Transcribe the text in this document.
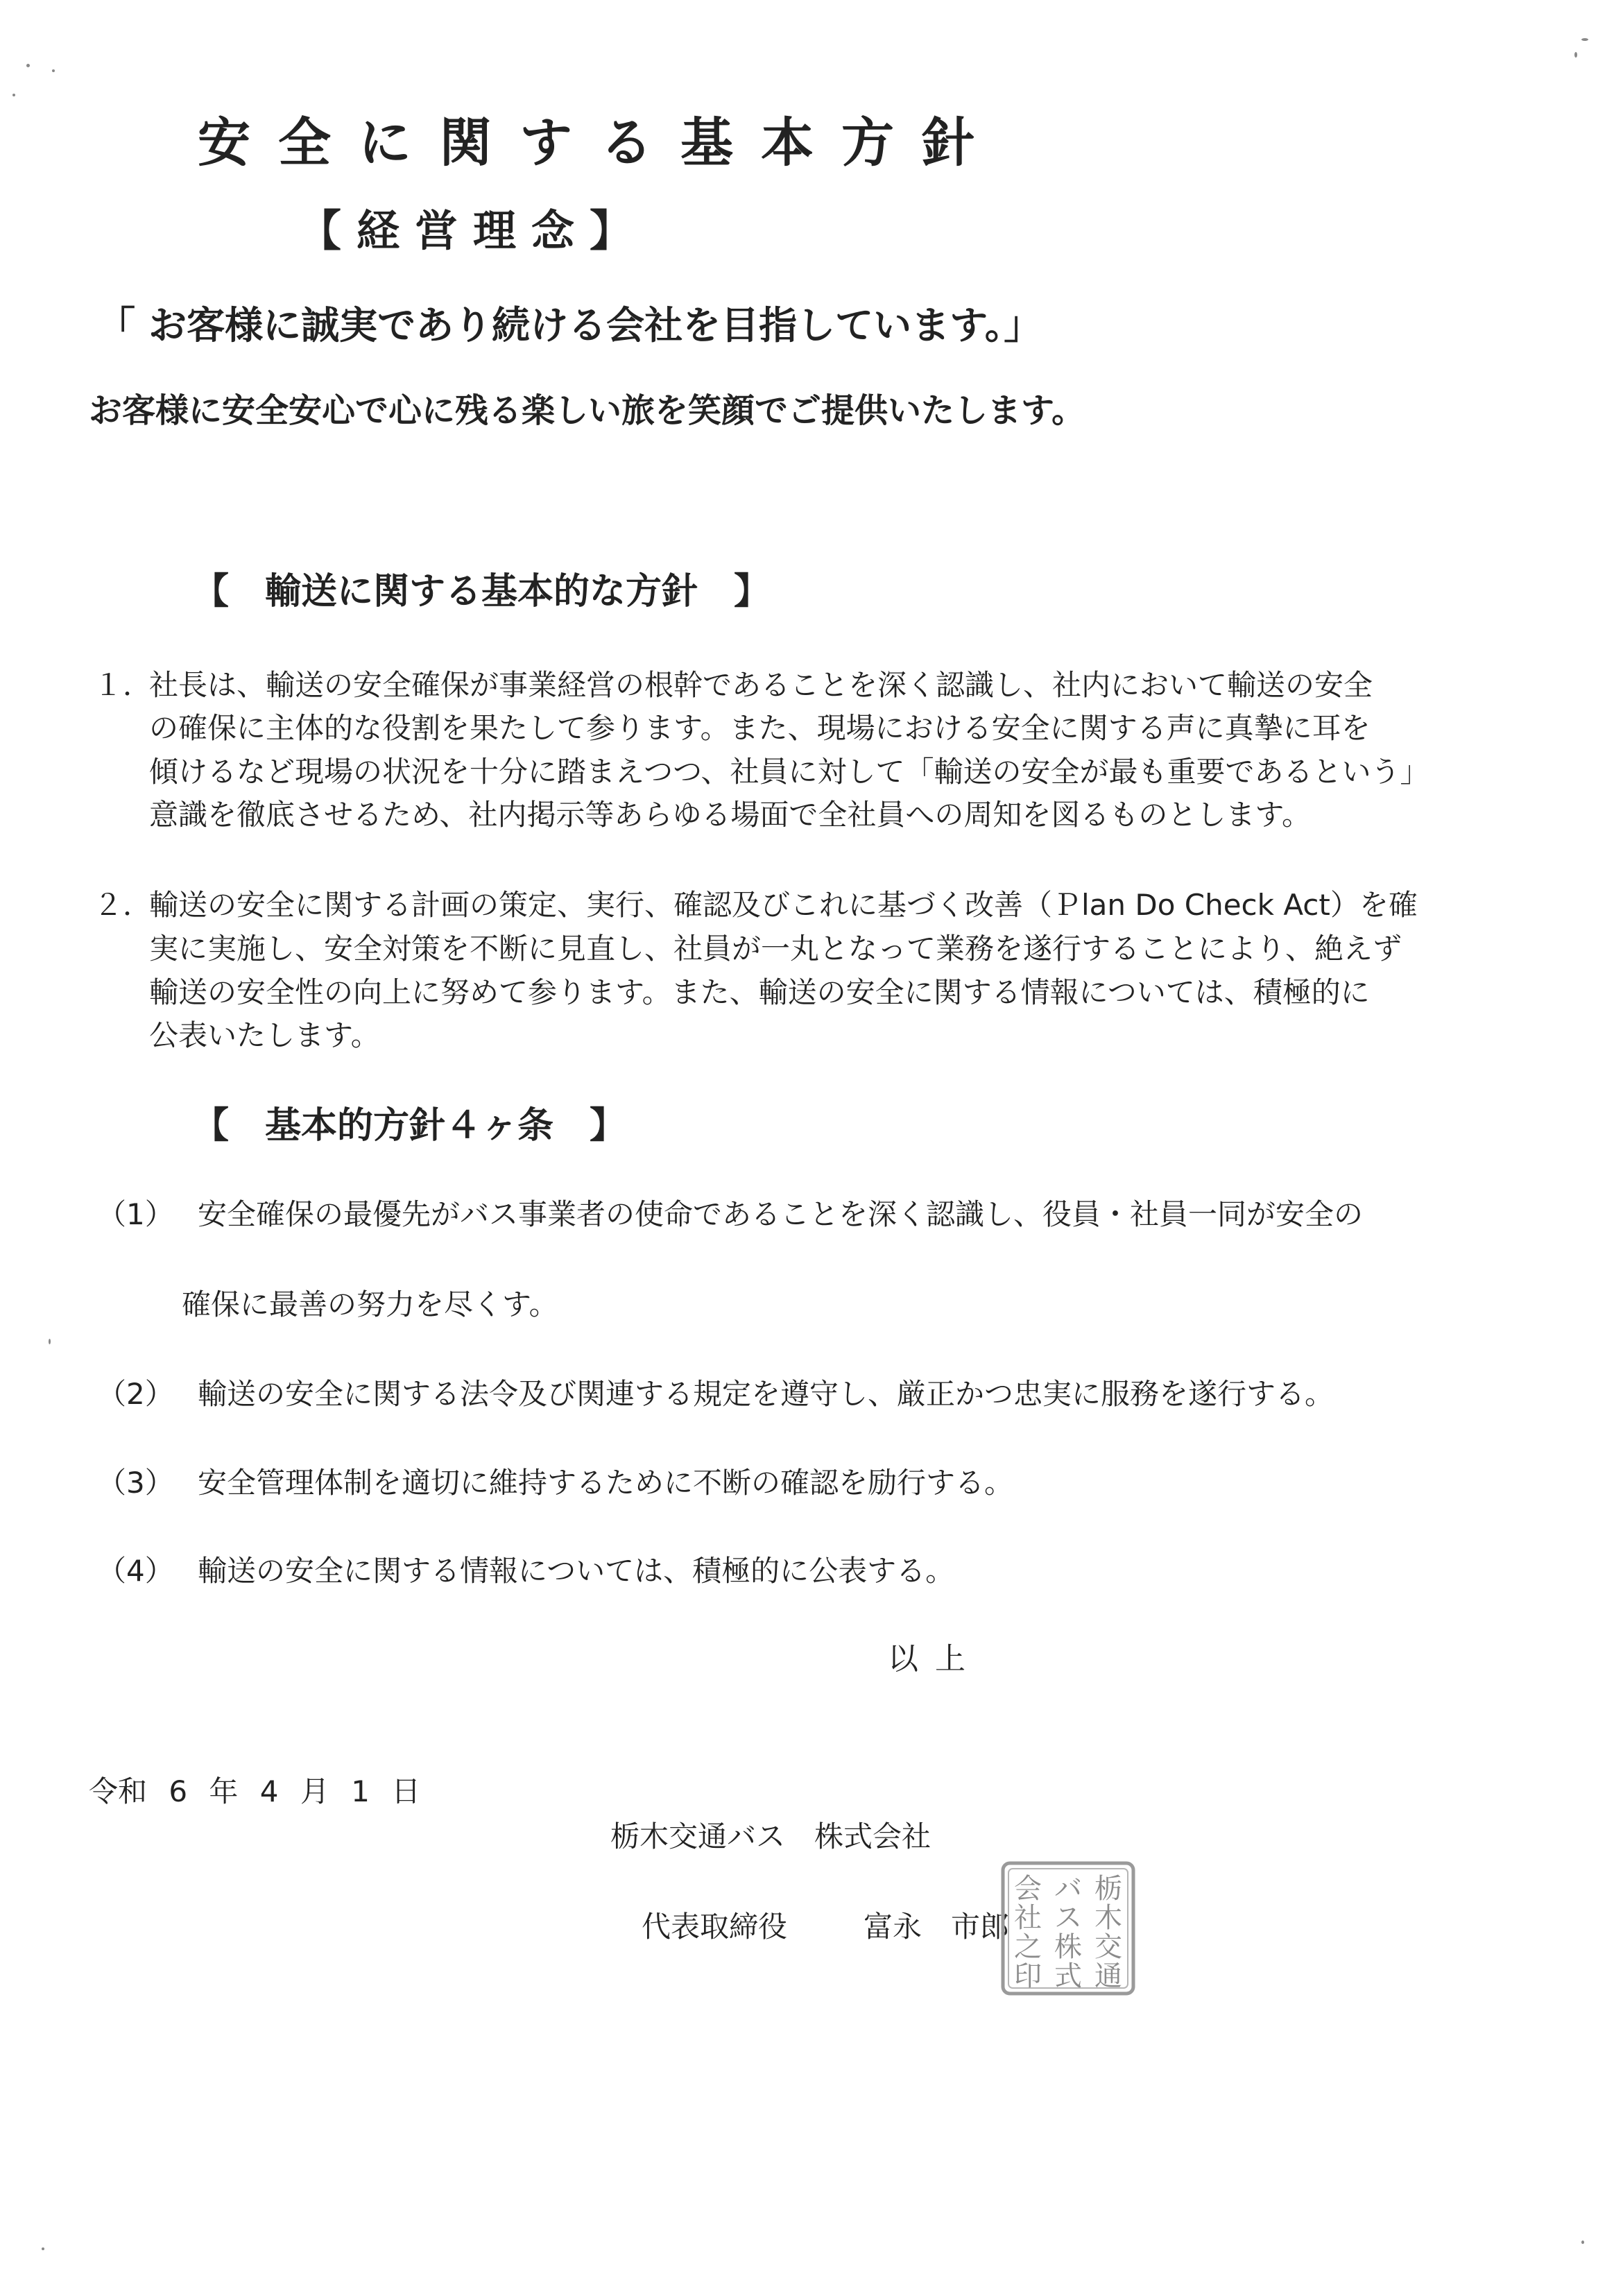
安全に関する基本方針
【経営理念】
「 お客様に誠実であり続ける会社を目指しています。」
お客様に安全安心で心に残る楽しい旅を笑顔でご提供いたします。
【　輸送に関する基本的な方針　】
１．
社長は、輸送の安全確保が事業経営の根幹であることを深く認識し、社内において輸送の安全
の確保に主体的な役割を果たして参ります。また、現場における安全に関する声に真摯に耳を
傾けるなど現場の状況を十分に踏まえつつ、社員に対して「輸送の安全が最も重要であるという」
意識を徹底させるため、社内掲示等あらゆる場面で全社員への周知を図るものとします。
２．
輸送の安全に関する計画の策定、実行、確認及びこれに基づく改善（Ｐlan Do Check Act）を確
実に実施し、安全対策を不断に見直し、社員が一丸となって業務を遂行することにより、絶えず
輸送の安全性の向上に努めて参ります。また、輸送の安全に関する情報については、積極的に
公表いたします。
【　基本的方針４ヶ条　】
（1） 安全確保の最優先がバス事業者の使命であることを深く認識し、役員・社員一同が安全の
確保に最善の努力を尽くす。
（2） 輸送の安全に関する法令及び関連する規定を遵守し、厳正かつ忠実に服務を遂行する。
（3） 安全管理体制を適切に維持するために不断の確認を励行する。
（4） 輸送の安全に関する情報については、積極的に公表する。
以上
令和 6 年 4 月 1 日
栃木交通バス　株式会社
代表取締役	富永　市郎
栃
木
交
通
バ
ス
株
式
会
社
之
印
